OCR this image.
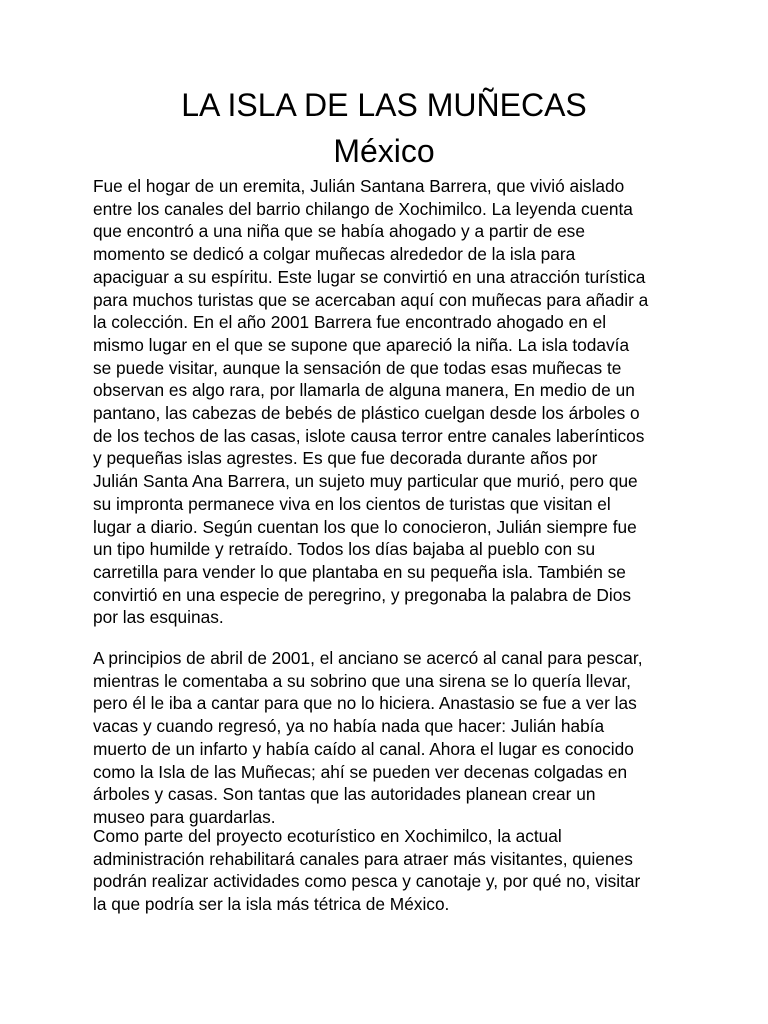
LA ISLA DE LAS MUÑECAS
México

Fue el hogar de un eremita, Julián Santana Barrera, que vivió aislado
entre los canales del barrio chilango de Xochimilco. La leyenda cuenta
que encontró a una niña que se había ahogado y a partir de ese
momento se dedicó a colgar muñecas alrededor de la isla para
apaciguar a su espíritu. Este lugar se convirtió en una atracción turística
para muchos turistas que se acercaban aquí con muñecas para añadir a
la colección. En el año 2001 Barrera fue encontrado ahogado en el
mismo lugar en el que se supone que apareció la niña. La isla todavía
se puede visitar, aunque la sensación de que todas esas muñecas te
observan es algo rara, por llamarla de alguna manera, En medio de un
pantano, las cabezas de bebés de plástico cuelgan desde los árboles o
de los techos de las casas, islote causa terror entre canales laberínticos
y pequeñas islas agrestes. Es que fue decorada durante años por
Julián Santa Ana Barrera, un sujeto muy particular que murió, pero que
su impronta permanece viva en los cientos de turistas que visitan el
lugar a diario. Según cuentan los que lo conocieron, Julián siempre fue
un tipo humilde y retraído. Todos los días bajaba al pueblo con su
carretilla para vender lo que plantaba en su pequeña isla. También se
convirtió en una especie de peregrino, y pregonaba la palabra de Dios
por las esquinas.

A principios de abril de 2001, el anciano se acercó al canal para pescar,
mientras le comentaba a su sobrino que una sirena se lo quería llevar,
pero él le iba a cantar para que no lo hiciera. Anastasio se fue a ver las
vacas y cuando regresó, ya no había nada que hacer: Julián había
muerto de un infarto y había caído al canal. Ahora el lugar es conocido
como la Isla de las Muñecas; ahí se pueden ver decenas colgadas en
árboles y casas. Son tantas que las autoridades planean crear un
museo para guardarlas.

Como parte del proyecto ecoturístico en Xochimilco, la actual
administración rehabilitará canales para atraer más visitantes, quienes
podrán realizar actividades como pesca y canotaje y, por qué no, visitar
la que podría ser la isla más tétrica de México.
